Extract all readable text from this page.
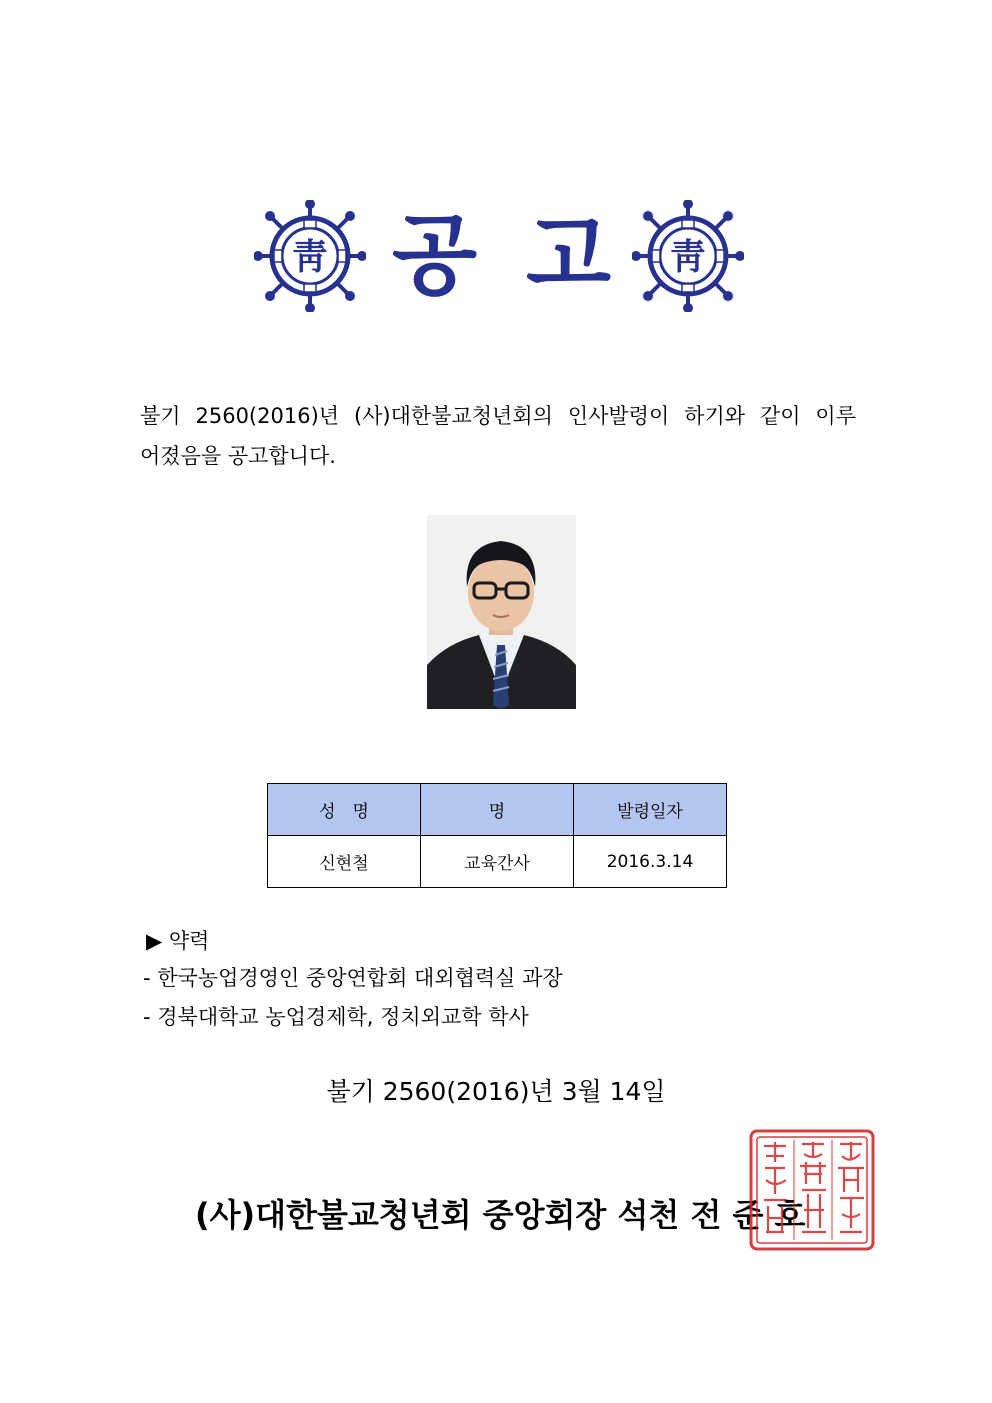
靑 공 고 靑
불기 2560(2016)년 (사)대한불교청년회의 인사발령이 하기와 같이 이루
어졌음을 공고합니다.
성　명	명	발령일자
신현철	교육간사	2016.3.14
▶ 약력
- 한국농업경영인 중앙연합회 대외협력실 과장
- 경북대학교 농업경제학, 정치외교학 학사
불기 2560(2016)년 3월 14일
(사)대한불교청년회 중앙회장 석천 전 준 호
